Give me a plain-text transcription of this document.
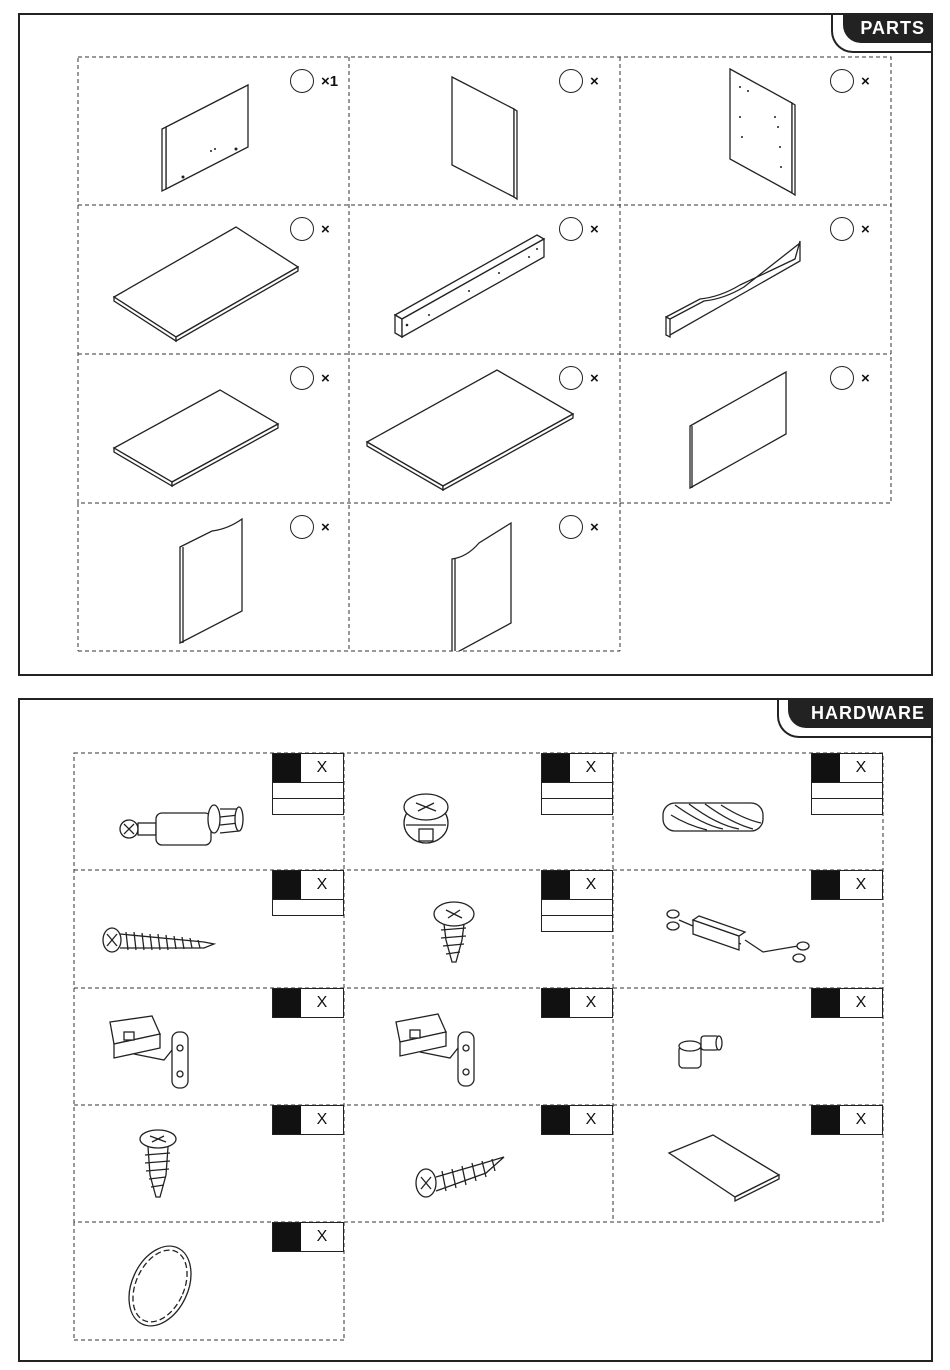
PARTS
×1	×	×
×	×	×
×	×	×
×	×
HARDWARE
X	X	X
X	X	X
X	X	X
X	X	X
X
